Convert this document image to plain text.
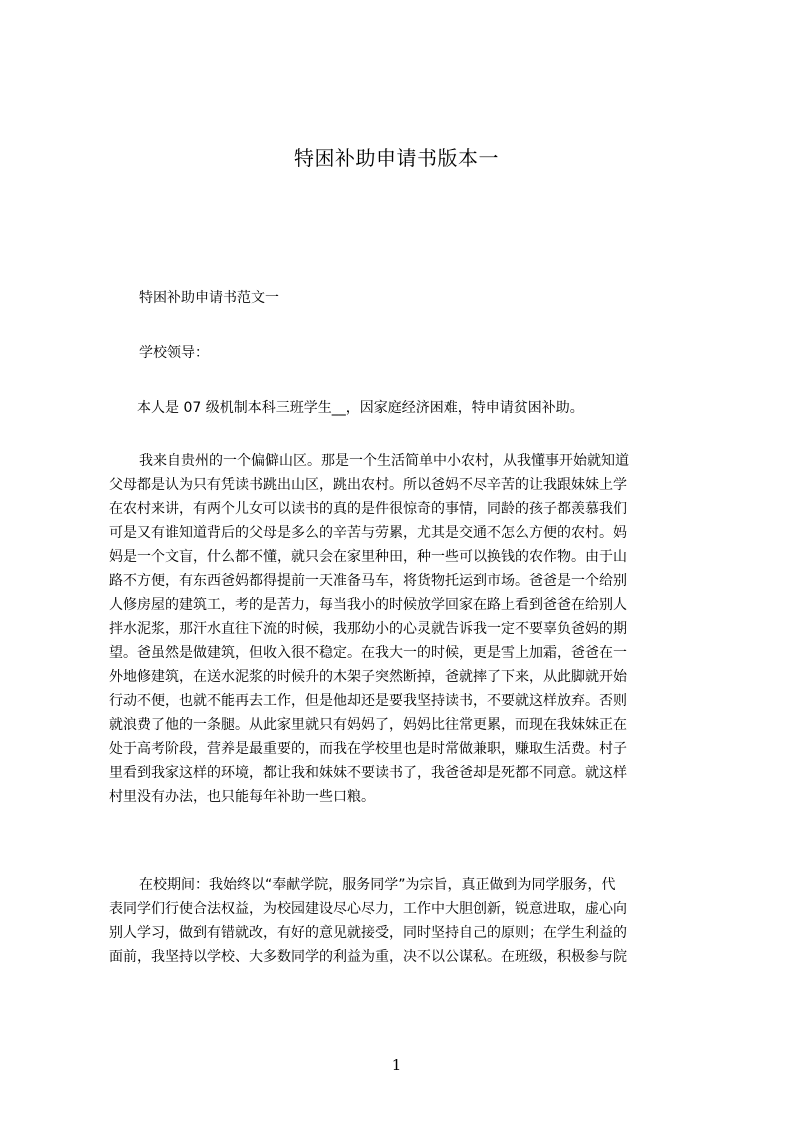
特困补助申请书版本一
特困补助申请书范文一
学校领导：
本人是 07 级机制本科三班学生__，因家庭经济困难，特申请贫困补助。
我来自贵州的一个偏僻山区。那是一个生活简单中小农村，从我懂事开始就知道
父母都是认为只有凭读书跳出山区，跳出农村。所以爸妈不尽辛苦的让我跟妹妹上学
在农村来讲，有两个儿女可以读书的真的是件很惊奇的事情，同龄的孩子都羡慕我们
可是又有谁知道背后的父母是多么的辛苦与劳累，尤其是交通不怎么方便的农村。妈
妈是一个文盲，什么都不懂，就只会在家里种田，种一些可以换钱的农作物。由于山
路不方便，有东西爸妈都得提前一天准备马车，将货物托运到市场。爸爸是一个给别
人修房屋的建筑工，考的是苦力，每当我小的时候放学回家在路上看到爸爸在给别人
拌水泥浆，那汗水直往下流的时候，我那幼小的心灵就告诉我一定不要辜负爸妈的期
望。爸虽然是做建筑，但收入很不稳定。在我大一的时候，更是雪上加霜，爸爸在一
外地修建筑，在送水泥浆的时候升的木架子突然断掉，爸就摔了下来，从此脚就开始
行动不便，也就不能再去工作，但是他却还是要我坚持读书，不要就这样放弃。否则
就浪费了他的一条腿。从此家里就只有妈妈了，妈妈比往常更累，而现在我妹妹正在
处于高考阶段，营养是最重要的，而我在学校里也是时常做兼职，赚取生活费。村子
里看到我家这样的环境，都让我和妹妹不要读书了，我爸爸却是死都不同意。就这样
村里没有办法，也只能每年补助一些口粮。
在校期间：我始终以“奉献学院，服务同学”为宗旨，真正做到为同学服务，代
表同学们行使合法权益，为校园建设尽心尽力，工作中大胆创新，锐意进取，虚心向
别人学习，做到有错就改，有好的意见就接受，同时坚持自己的原则；在学生利益的
面前，我坚持以学校、大多数同学的利益为重，决不以公谋私。在班级，积极参与院
1
